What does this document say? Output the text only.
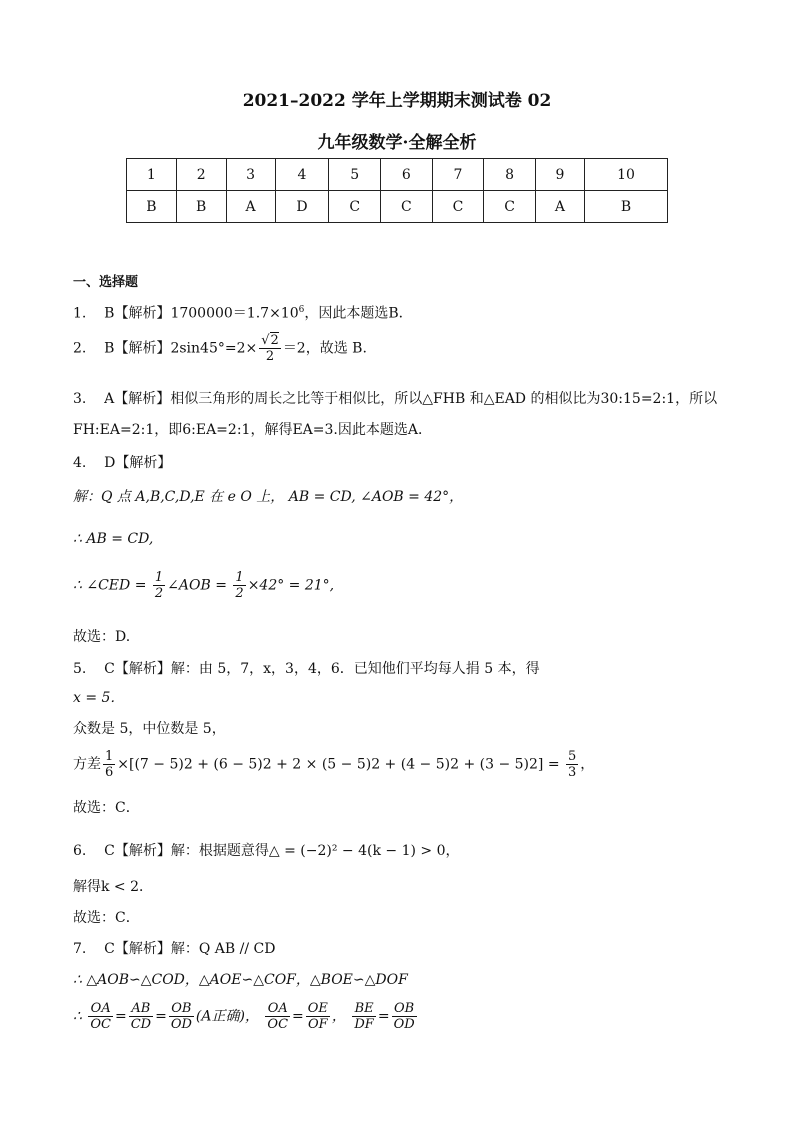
2021–2022 学年上学期期末测试卷 02
九年级数学·全解全析
1	2	3	4	5	6	7	8	9	10
B	B	A	D	C	C	C	C	A	B
一、选择题
1. B【解析】$1700000=1.7\times 10^6$，因此本题选B．
2. B【解析】$2\sin 45^\circ=2\times \frac{√2}{2} =2$，故选 B.
3. A【解析】相似三角形的周长之比等于相似比，所以△FHB 和△EAD 的相似比为30:15=2:1，所以
FH:EA=2:1，即6:EA=2:1，解得EA=3.因此本题选A．
4. D【解析】
解：Q 点 A,B,C,D,E 在 e O 上， AB = CD, ∠AOB = 42°，
∴ AB = CD,
∴ ∠CED = $\frac{1}{2}$ ∠AOB = $\frac{1}{2} \times 42^\circ = 21^\circ$,
故选：D.
5. C【解析】解：由 5，7，x，3，4，6．已知他们平均每人捐 5 本，得
x = 5．
众数是 5，中位数是 5，
方差 $\frac{1}{6} \times[(7 - 5)2 + (6 - 5)2 + 2 \times (5 - 5)2 + (4 - 5)2 + (3 - 5)2] = \frac{5}{3}$ ，
故选：C．
6. C【解析】解：根据题意得△ = (−2)² − 4(k − 1) > 0，
解得k < 2．
故选：C．
7. C【解析】解：Q AB // CD
∴ △AOB∽△COD，△AOE∽△COF，△BOE∽△DOF
∴ $\frac{OA}{OC} = \frac{AB}{CD} = \frac{OB}{OD} (A$正确)， $\frac{OA}{OC} = \frac{OE}{OF}$ ， $\frac{BE}{DF} = \frac{OB}{OD}$
